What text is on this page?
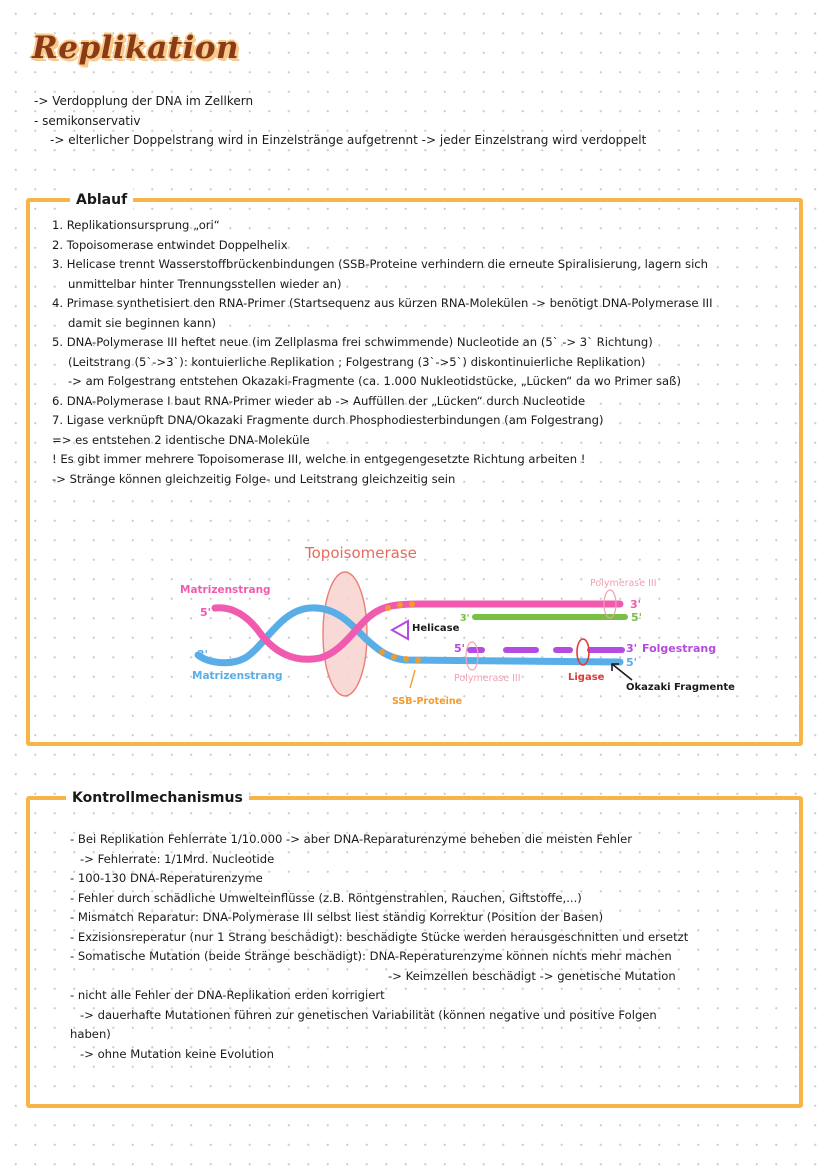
Replikation
-> Verdopplung der DNA im Zellkern
- semikonservativ
-> elterlicher Doppelstrang wird in Einzelstränge aufgetrennt -> jeder Einzelstrang wird verdoppelt
Ablauf
1. Replikationsursprung „ori“
2. Topoisomerase entwindet Doppelhelix
3. Helicase trennt Wasserstoffbrückenbindungen (SSB-Proteine verhindern die erneute Spiralisierung, lagern sich
unmittelbar hinter Trennungsstellen wieder an)
4. Primase synthetisiert den RNA-Primer (Startsequenz aus kürzen RNA-Molekülen -> benötigt DNA-Polymerase III
damit sie beginnen kann)
5. DNA-Polymerase III heftet neue (im Zellplasma frei schwimmende) Nucleotide an (5` -> 3` Richtung)
(Leitstrang (5`->3`): kontuierliche Replikation ; Folgestrang (3`->5`) diskontinuierliche Replikation)
-> am Folgestrang entstehen Okazaki-Fragmente (ca. 1.000 Nukleotidstücke, „Lücken“ da wo Primer saß)
6. DNA-Polymerase I baut RNA-Primer wieder ab -> Auffüllen der „Lücken“ durch Nucleotide
7. Ligase verknüpft DNA/Okazaki Fragmente durch Phosphodiesterbindungen (am Folgestrang)
=> es entstehen 2 identische DNA-Moleküle
! Es gibt immer mehrere Topoisomerase III, welche in entgegengesetzte Richtung arbeiten !
-> Stränge können gleichzeitig Folge- und Leitstrang gleichzeitig sein
Topoisomerase
Matrizenstrang
5'
3'
Matrizenstrang
Helicase
Polymerase III
3'
3'	5'
5'	3' Folgestrang
5'
Polymerase III	Ligase
Okazaki Fragmente
SSB-Proteine
Kontrollmechanismus
- Bei Replikation Fehlerrate 1/10.000 -> aber DNA-Reparaturenzyme beheben die meisten Fehler
-> Fehlerrate: 1/1Mrd. Nucleotide
- 100-130 DNA-Reperaturenzyme
- Fehler durch schädliche Umwelteinflüsse (z.B. Röntgenstrahlen, Rauchen, Giftstoffe,...)
- Mismatch Reparatur: DNA-Polymerase III selbst liest ständig Korrektur (Position der Basen)
- Exzisionsreperatur (nur 1 Strang beschädigt): beschädigte Stücke werden herausgeschnitten und ersetzt
- Somatische Mutation (beide Stränge beschädigt): DNA-Reperaturenzyme können nichts mehr machen
-> Keimzellen beschädigt -> genetische Mutation
- nicht alle Fehler der DNA-Replikation erden korrigiert
-> dauerhafte Mutationen führen zur genetischen Variabilität (können negative und positive Folgen
haben)
-> ohne Mutation keine Evolution
